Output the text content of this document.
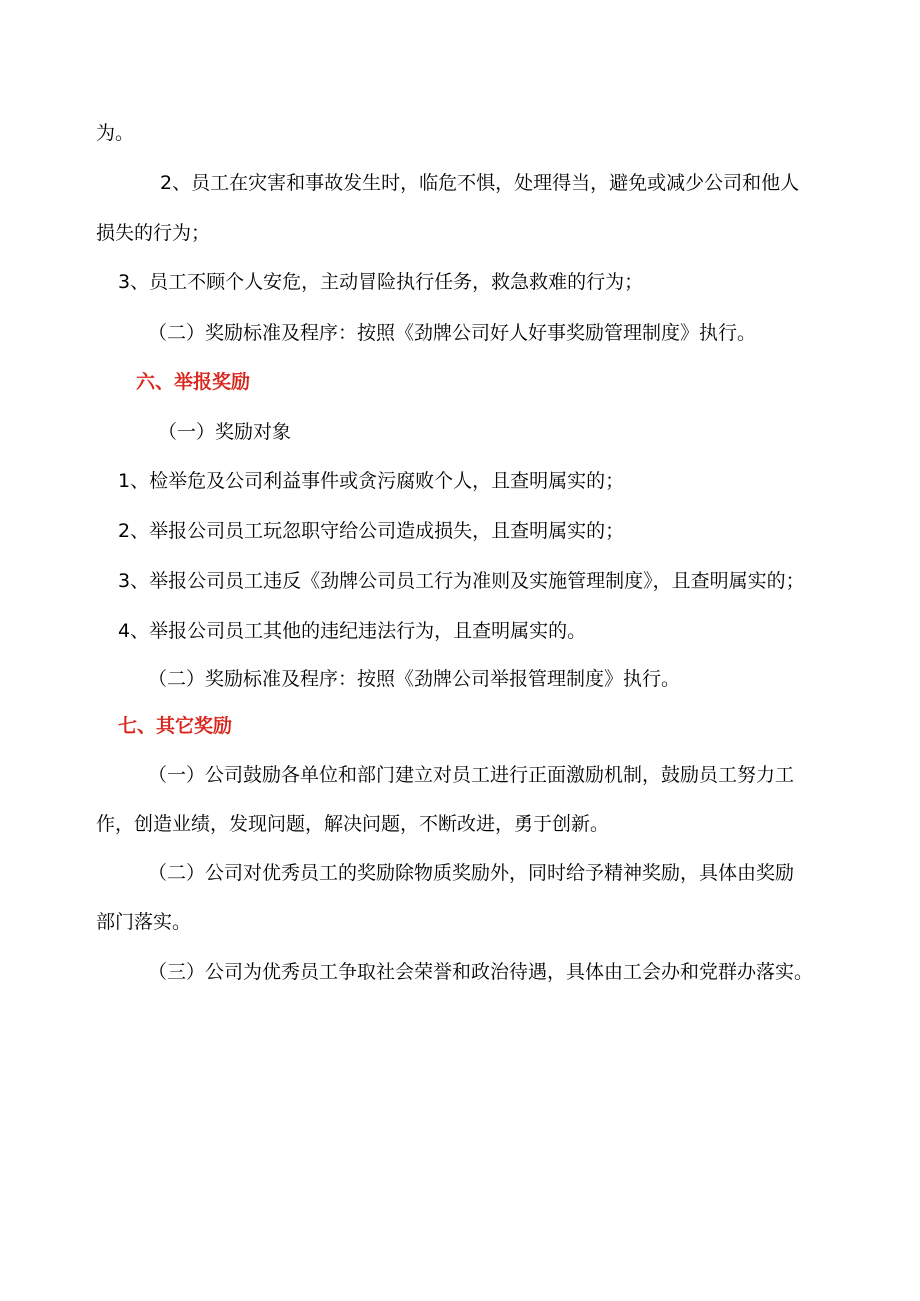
为。

2、员工在灾害和事故发生时，临危不惧，处理得当，避免或减少公司和他人

损失的行为；

3、员工不顾个人安危，主动冒险执行任务，救急救难的行为；

（二）奖励标准及程序：按照《劲牌公司好人好事奖励管理制度》执行。

六、举报奖励

（一）奖励对象

1、检举危及公司利益事件或贪污腐败个人，且查明属实的；

2、举报公司员工玩忽职守给公司造成损失，且查明属实的；

3、举报公司员工违反《劲牌公司员工行为准则及实施管理制度》，且查明属实的；

4、举报公司员工其他的违纪违法行为，且查明属实的。

（二）奖励标准及程序：按照《劲牌公司举报管理制度》执行。

七、其它奖励

（一）公司鼓励各单位和部门建立对员工进行正面激励机制，鼓励员工努力工

作，创造业绩，发现问题，解决问题，不断改进，勇于创新。

（二）公司对优秀员工的奖励除物质奖励外，同时给予精神奖励，具体由奖励

部门落实。

（三）公司为优秀员工争取社会荣誉和政治待遇，具体由工会办和党群办落实。
